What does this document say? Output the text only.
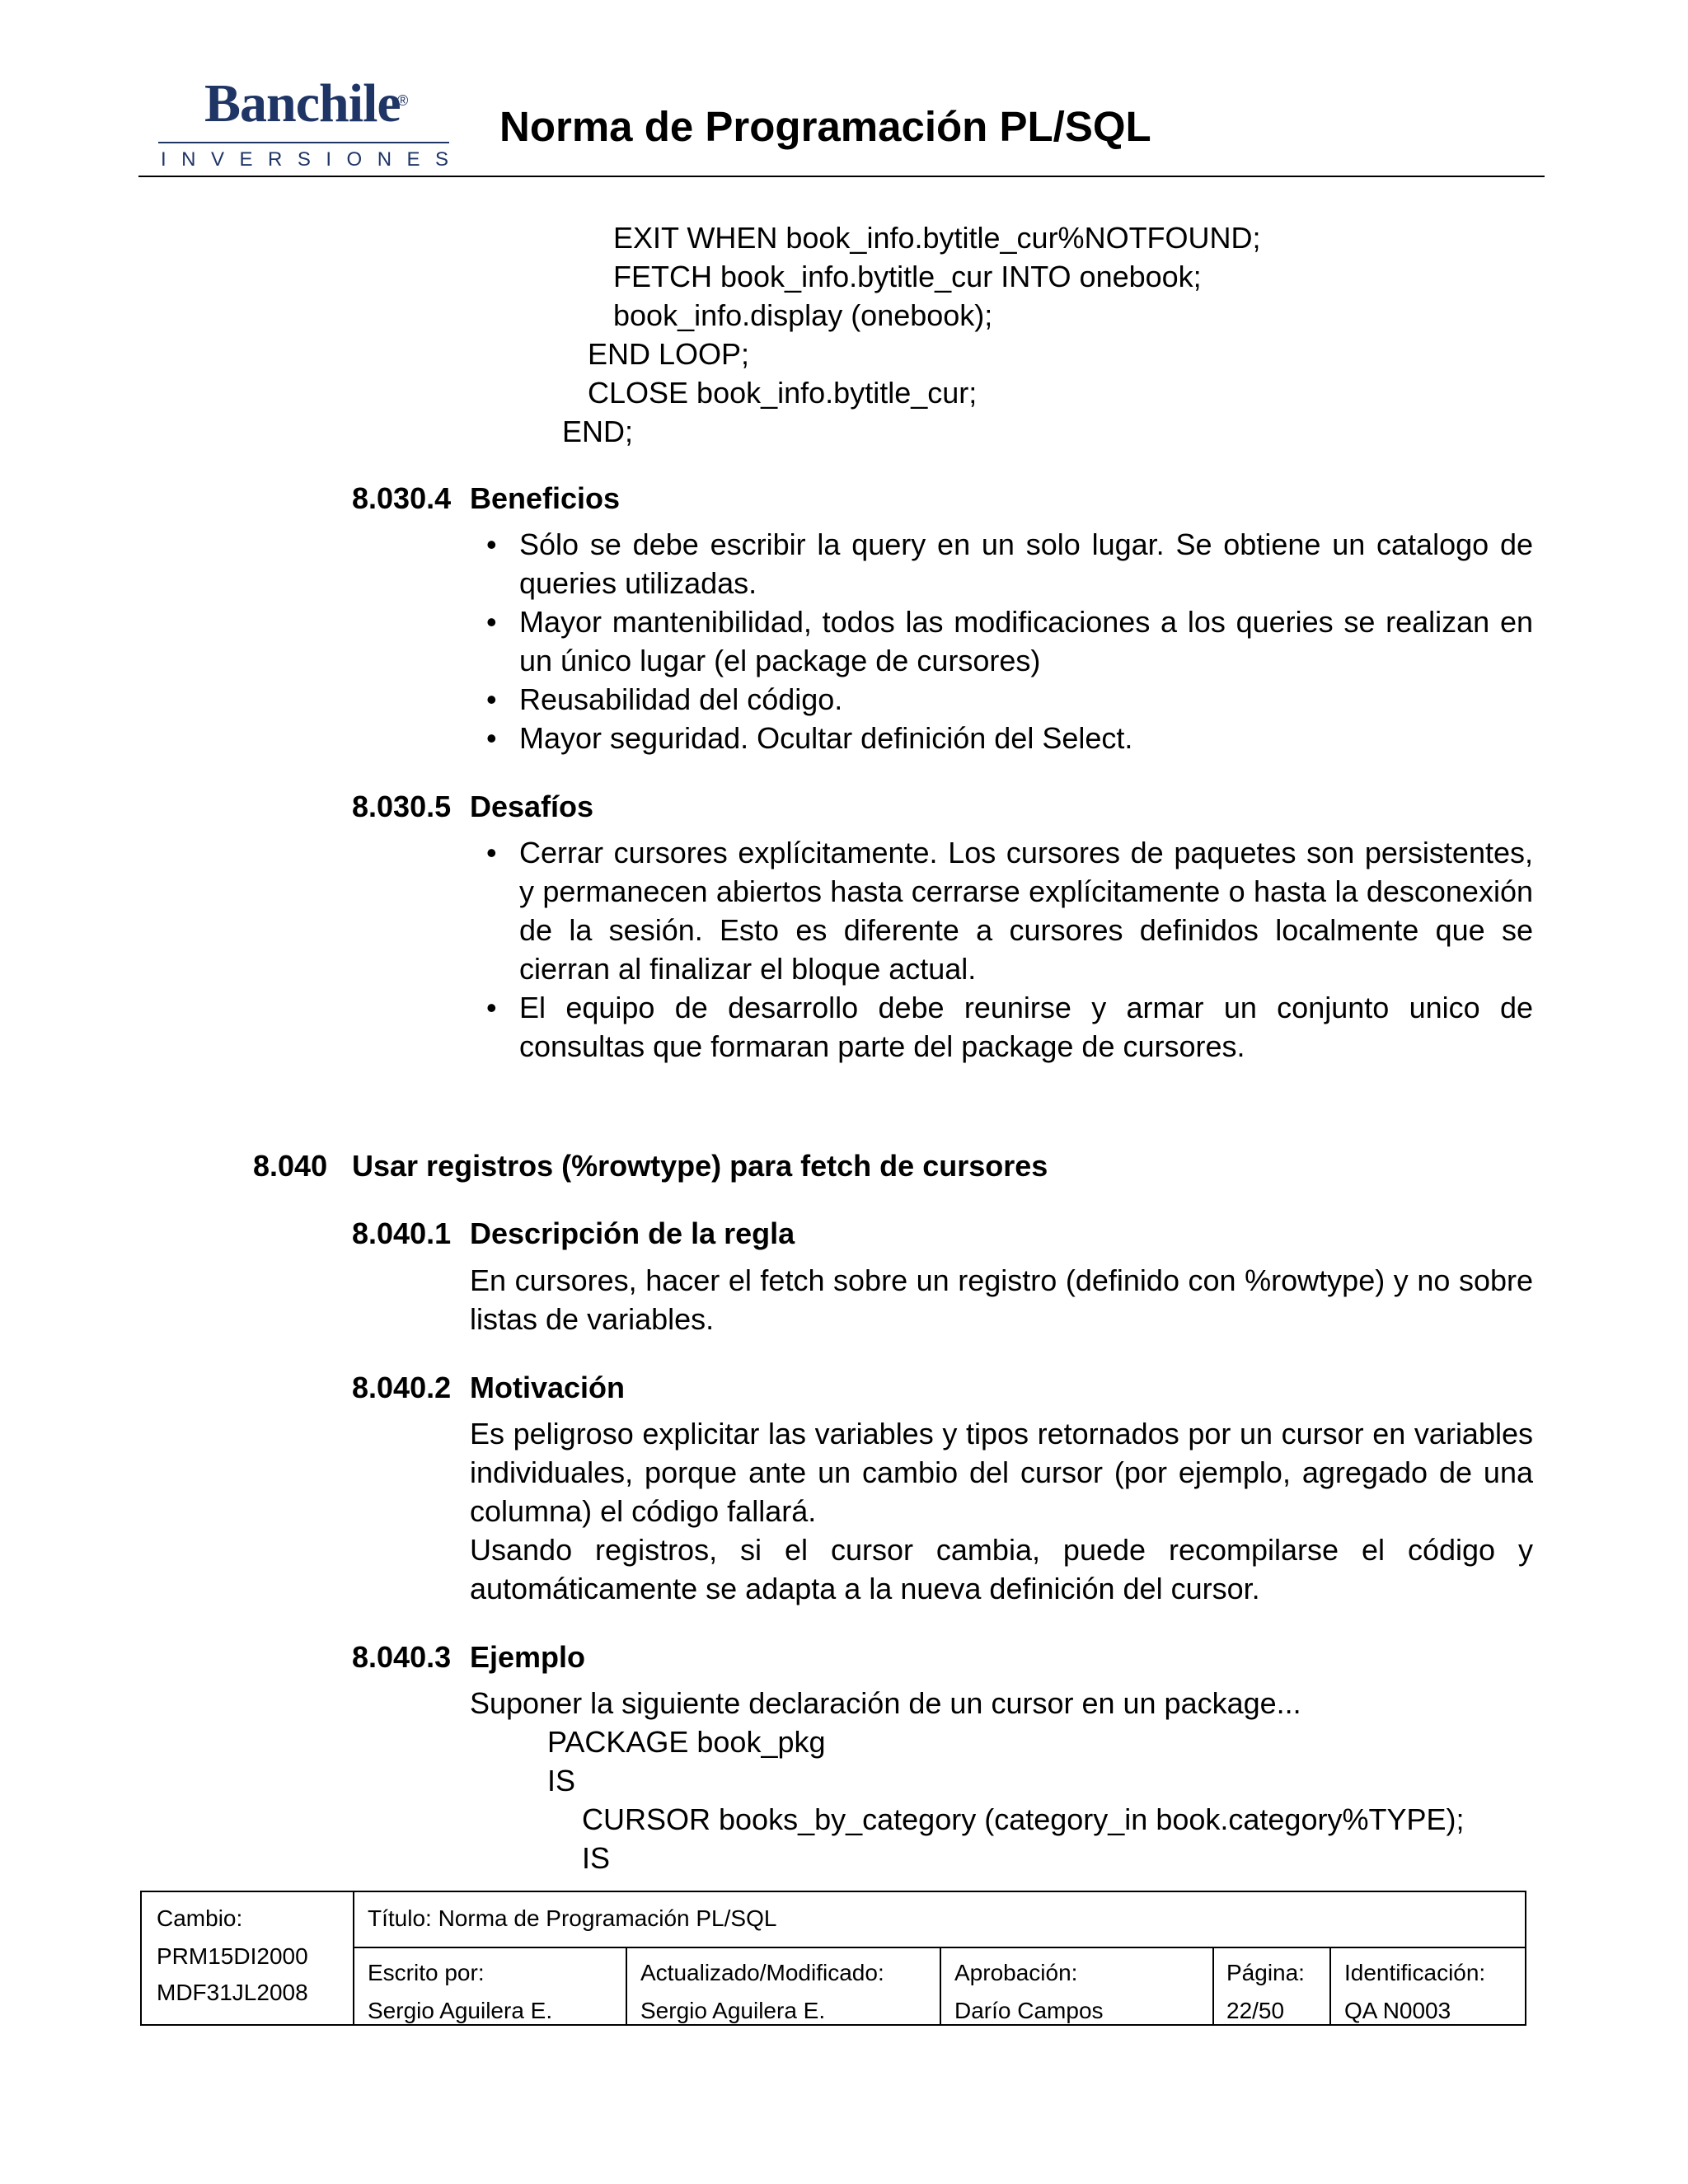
Banchile
®
INVERSIONES
Norma de Programación PL/SQL
EXIT WHEN book_info.bytitle_cur%NOTFOUND;
FETCH book_info.bytitle_cur INTO onebook;
book_info.display (onebook);
END LOOP;
CLOSE book_info.bytitle_cur;
END;
8.030.4 Beneficios
• Sólo se debe escribir la query en un solo lugar. Se obtiene un catalogo de queries utilizadas.
• Mayor mantenibilidad, todos las modificaciones a los queries se realizan en un único lugar (el package de cursores)
• Reusabilidad del código.
• Mayor seguridad. Ocultar definición del Select.
8.030.5 Desafíos
• Cerrar cursores explícitamente. Los cursores de paquetes son persistentes, y permanecen abiertos hasta cerrarse explícitamente o hasta la desconexión de la sesión. Esto es diferente a cursores definidos localmente que se cierran al finalizar el bloque actual.
• El equipo de desarrollo debe reunirse y armar un conjunto unico de consultas que formaran parte del package de cursores.
8.040 Usar registros (%rowtype) para fetch de cursores
8.040.1 Descripción de la regla
En cursores, hacer el fetch sobre un registro (definido con %rowtype) y no sobre listas de variables.
8.040.2 Motivación
Es peligroso explicitar las variables y tipos retornados por un cursor en variables individuales, porque ante un cambio del cursor (por ejemplo, agregado de una columna) el código fallará.
Usando registros, si el cursor cambia, puede recompilarse el código y automáticamente se adapta a la nueva definición del cursor.
8.040.3 Ejemplo
Suponer la siguiente declaración de un cursor en un package...
PACKAGE book_pkg
IS
CURSOR books_by_category (category_in book.category%TYPE);
IS
Cambio:
PRM15DI2000
MDF31JL2008
Título: Norma de Programación PL/SQL
Escrito por:
Sergio Aguilera E.
Actualizado/Modificado:
Sergio Aguilera E.
Aprobación:
Darío Campos
Página:
22/50
Identificación:
QA N0003
